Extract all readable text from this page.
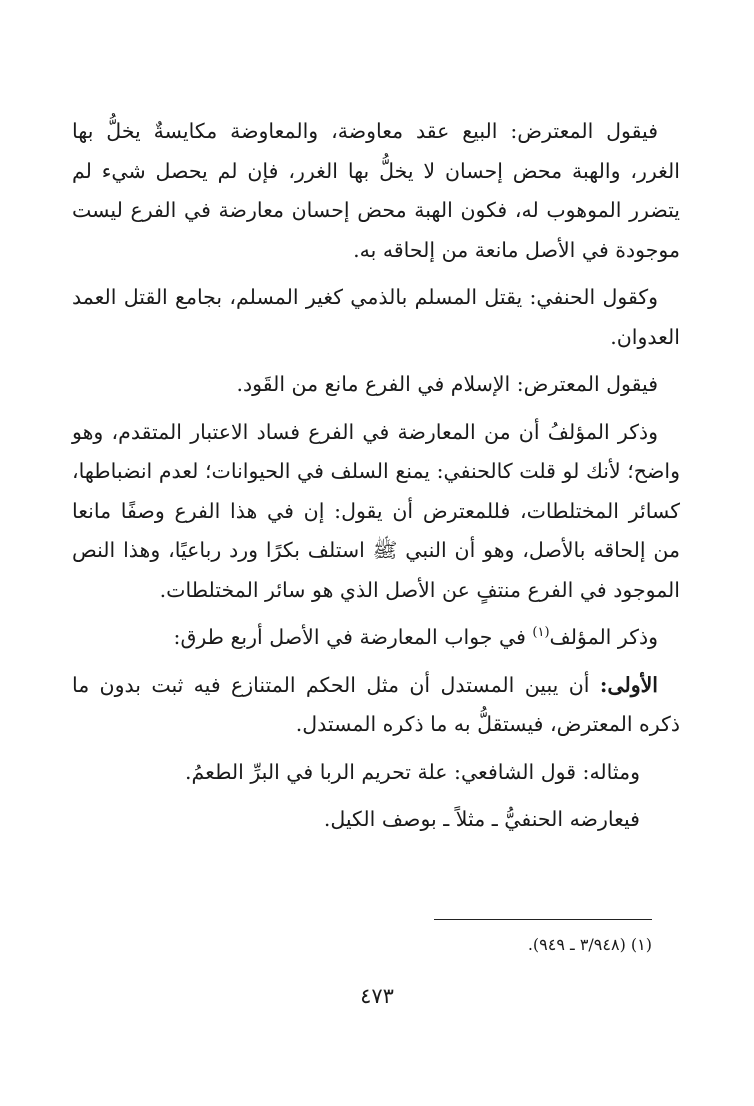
فيقول المعترض: البيع عقد معاوضة، والمعاوضة مكايسةٌ يخلُّ بها الغرر، والهبة محض إحسان لا يخلُّ بها الغرر، فإن لم يحصل شيء لم يتضرر الموهوب له، فكون الهبة محض إحسان معارضة في الفرع ليست موجودة في الأصل مانعة من إلحاقه به.

وكقول الحنفي: يقتل المسلم بالذمي كغير المسلم، بجامع القتل العمد العدوان.

فيقول المعترض: الإسلام في الفرع مانع من القَود.

وذكر المؤلفُ أن من المعارضة في الفرع فساد الاعتبار المتقدم، وهو واضح؛ لأنك لو قلت كالحنفي: يمنع السلف في الحيوانات؛ لعدم انضباطها، كسائر المختلطات، فللمعترض أن يقول: إن في هذا الفرع وصفًا مانعا من إلحاقه بالأصل، وهو أن النبي ﷺ استلف بكرًا ورد رباعيًا، وهذا النص الموجود في الفرع منتفٍ عن الأصل الذي هو سائر المختلطات.

وذكر المؤلف$^{(١)}$ في جواب المعارضة في الأصل أربع طرق:

الأولى: أن يبين المستدل أن مثل الحكم المتنازع فيه ثبت بدون ما ذكره المعترض، فيستقلُّ به ما ذكره المستدل.

ومثاله: قول الشافعي: علة تحريم الربا في البرِّ الطعمُ.

فيعارضه الحنفيُّ ـ مثلاً ـ بوصف الكيل.

(١) (٣/٩٤٨ ـ ٩٤٩).
٤٧٣
